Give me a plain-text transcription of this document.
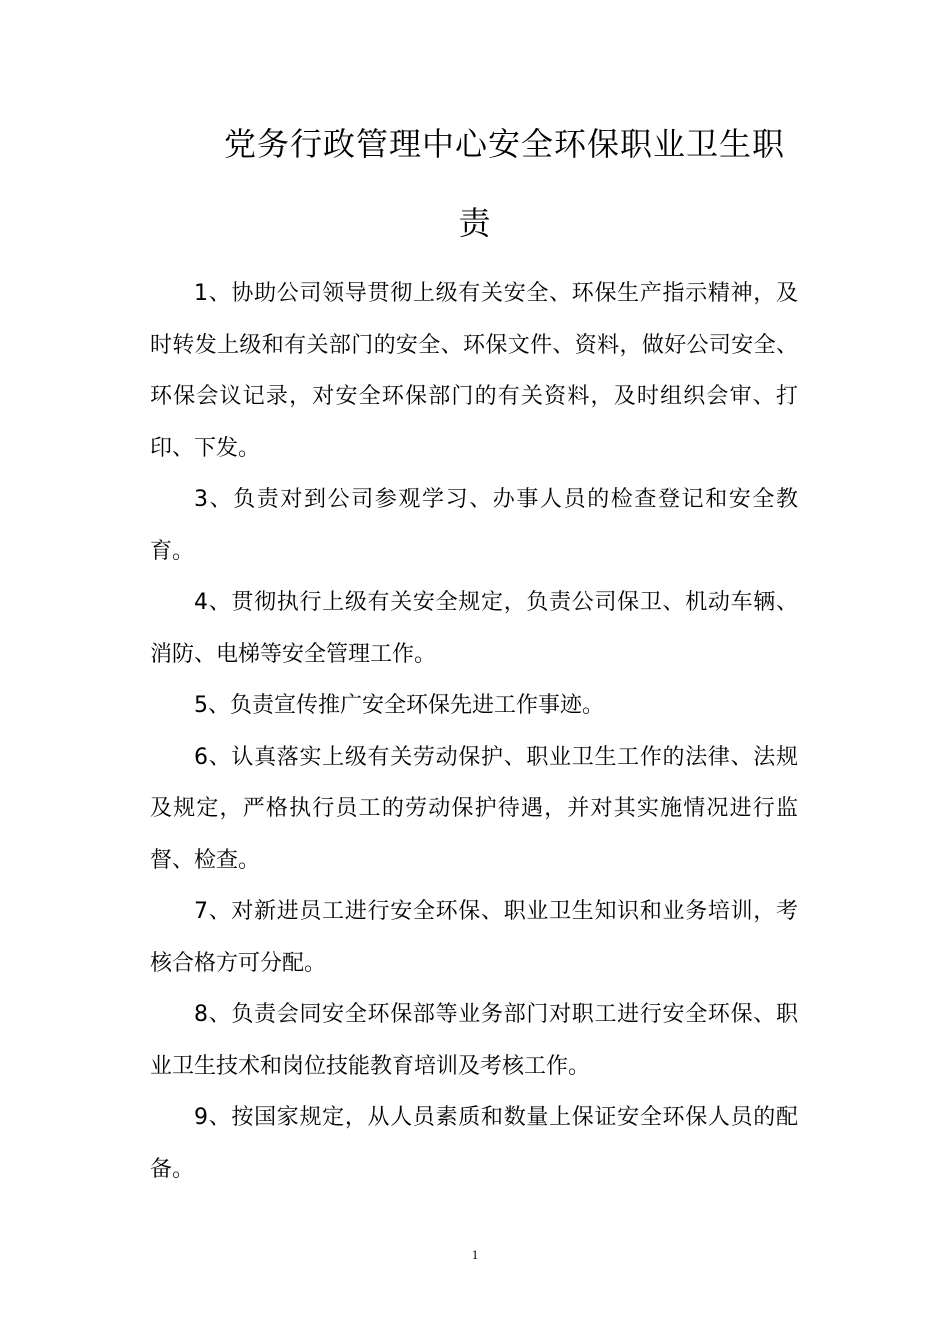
党务行政管理中心安全环保职业卫生职
责

1、协助公司领导贯彻上级有关安全、环保生产指示精神，及时转发上级和有关部门的安全、环保文件、资料，做好公司安全、环保会议记录，对安全环保部门的有关资料，及时组织会审、打印、下发。

3、负责对到公司参观学习、办事人员的检查登记和安全教育。

4、贯彻执行上级有关安全规定，负责公司保卫、机动车辆、消防、电梯等安全管理工作。

5、负责宣传推广安全环保先进工作事迹。

6、认真落实上级有关劳动保护、职业卫生工作的法律、法规及规定，严格执行员工的劳动保护待遇，并对其实施情况进行监督、检查。

7、对新进员工进行安全环保、职业卫生知识和业务培训，考核合格方可分配。

8、负责会同安全环保部等业务部门对职工进行安全环保、职业卫生技术和岗位技能教育培训及考核工作。

9、按国家规定，从人员素质和数量上保证安全环保人员的配备。

1
